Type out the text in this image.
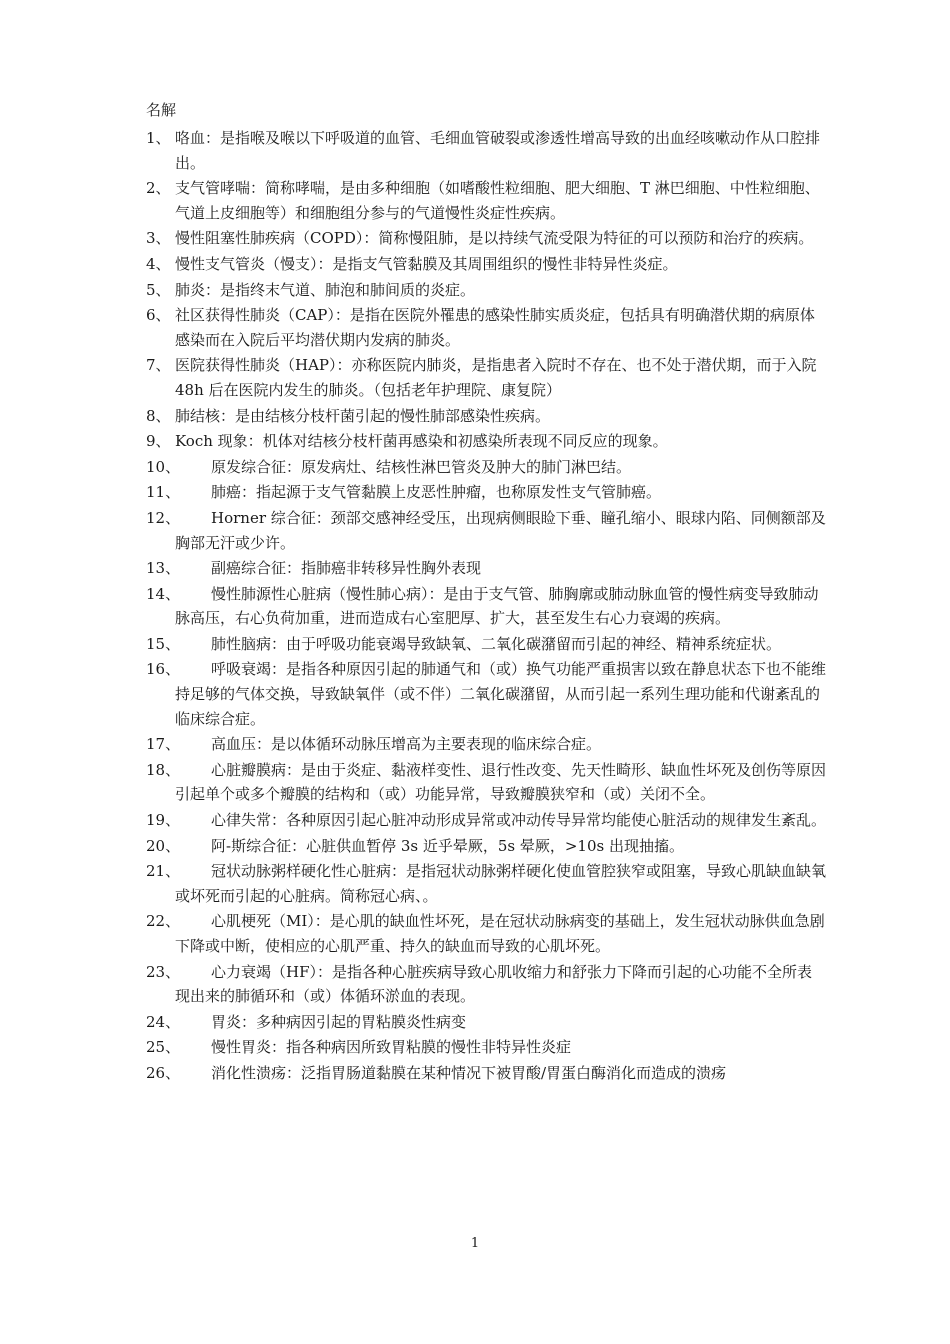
名解
1、 咯血：是指喉及喉以下呼吸道的血管、毛细血管破裂或渗透性增高导致的出血经咳嗽动作从口腔排出。
2、 支气管哮喘：简称哮喘，是由多种细胞（如嗜酸性粒细胞、肥大细胞、T 淋巴细胞、中性粒细胞、气道上皮细胞等）和细胞组分参与的气道慢性炎症性疾病。
3、 慢性阻塞性肺疾病（COPD）：简称慢阻肺，是以持续气流受限为特征的可以预防和治疗的疾病。
4、 慢性支气管炎（慢支）：是指支气管黏膜及其周围组织的慢性非特异性炎症。
5、 肺炎：是指终末气道、肺泡和肺间质的炎症。
6、 社区获得性肺炎（CAP）：是指在医院外罹患的感染性肺实质炎症，包括具有明确潜伏期的病原体感染而在入院后平均潜伏期内发病的肺炎。
7、 医院获得性肺炎（HAP）：亦称医院内肺炎，是指患者入院时不存在、也不处于潜伏期，而于入院 48h 后在医院内发生的肺炎。（包括老年护理院、康复院）
8、 肺结核：是由结核分枝杆菌引起的慢性肺部感染性疾病。
9、 Koch 现象：机体对结核分枝杆菌再感染和初感染所表现不同反应的现象。
10、	原发综合征：原发病灶、结核性淋巴管炎及肿大的肺门淋巴结。
11、	肺癌：指起源于支气管黏膜上皮恶性肿瘤，也称原发性支气管肺癌。
12、	Horner 综合征：颈部交感神经受压，出现病侧眼睑下垂、瞳孔缩小、眼球内陷、同侧额部及胸部无汗或少许。
13、	副癌综合征：指肺癌非转移异性胸外表现
14、	慢性肺源性心脏病（慢性肺心病）：是由于支气管、肺胸廓或肺动脉血管的慢性病变导致肺动脉高压，右心负荷加重，进而造成右心室肥厚、扩大，甚至发生右心力衰竭的疾病。
15、	肺性脑病：由于呼吸功能衰竭导致缺氧、二氧化碳潴留而引起的神经、精神系统症状。
16、	呼吸衰竭：是指各种原因引起的肺通气和（或）换气功能严重损害以致在静息状态下也不能维持足够的气体交换，导致缺氧伴（或不伴）二氧化碳潴留，从而引起一系列生理功能和代谢紊乱的临床综合症。
17、	高血压：是以体循环动脉压增高为主要表现的临床综合症。
18、	心脏瓣膜病：是由于炎症、黏液样变性、退行性改变、先天性畸形、缺血性坏死及创伤等原因引起单个或多个瓣膜的结构和（或）功能异常，导致瓣膜狭窄和（或）关闭不全。
19、	心律失常：各种原因引起心脏冲动形成异常或冲动传导异常均能使心脏活动的规律发生紊乱。
20、	阿-斯综合征：心脏供血暂停 3s 近乎晕厥，5s 晕厥，>10s 出现抽搐。
21、	冠状动脉粥样硬化性心脏病：是指冠状动脉粥样硬化使血管腔狭窄或阻塞，导致心肌缺血缺氧或坏死而引起的心脏病。简称冠心病、。
22、	心肌梗死（MI）：是心肌的缺血性坏死，是在冠状动脉病变的基础上，发生冠状动脉供血急剧下降或中断，使相应的心肌严重、持久的缺血而导致的心肌坏死。
23、	心力衰竭（HF）：是指各种心脏疾病导致心肌收缩力和舒张力下降而引起的心功能不全所表现出来的肺循环和（或）体循环淤血的表现。
24、	胃炎：多种病因引起的胃粘膜炎性病变
25、	慢性胃炎：指各种病因所致胃粘膜的慢性非特异性炎症
26、	消化性溃疡：泛指胃肠道黏膜在某种情况下被胃酸/胃蛋白酶消化而造成的溃疡
1
